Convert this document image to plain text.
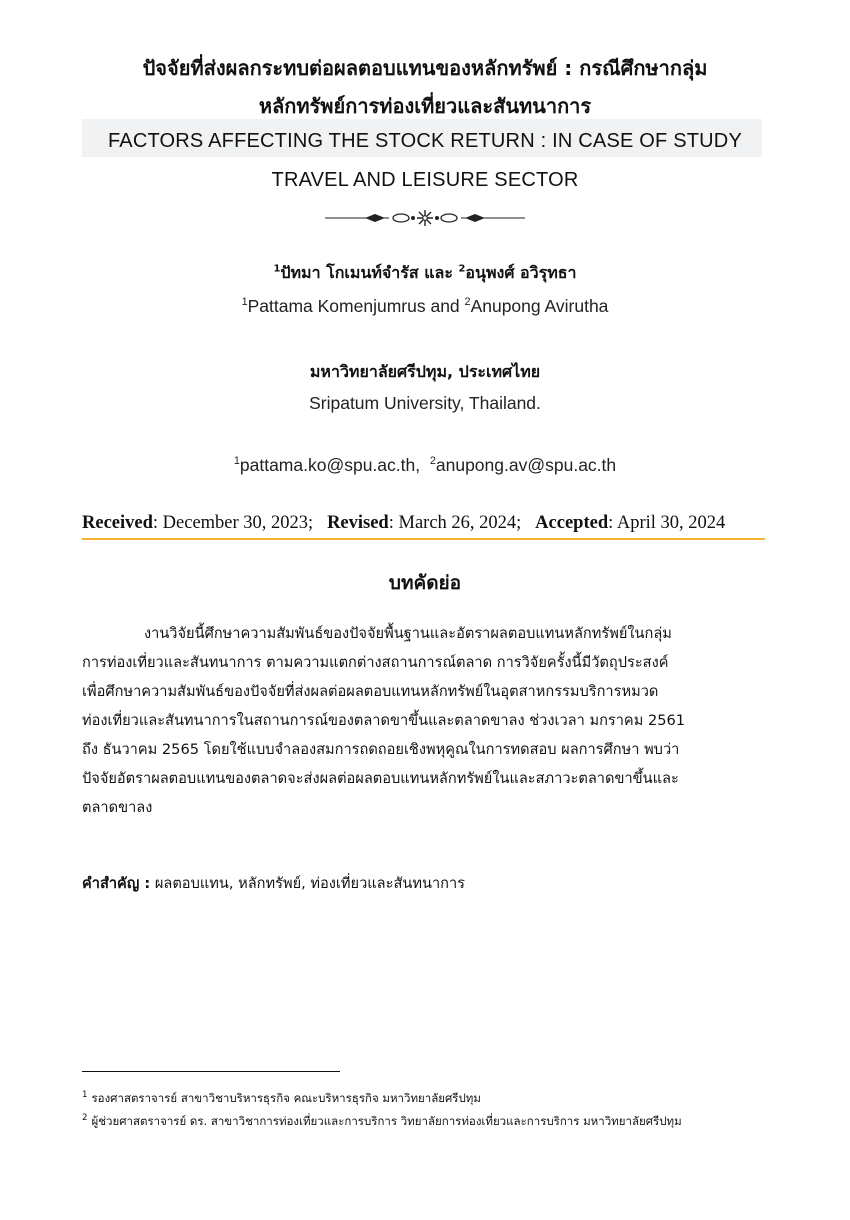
ปัจจัยที่ส่งผลกระทบต่อผลตอบแทนของหลักทรัพย์ : กรณีศึกษากลุ่ม
หลักทรัพย์การท่องเที่ยวและสันทนาการ
FACTORS AFFECTING THE STOCK RETURN : IN CASE OF STUDY
TRAVEL AND LEISURE SECTOR
$^1$ปัทมา โกเมนท์จำรัส และ $^2$อนุพงศ์ อวิรุทธา
$^1$Pattama Komenjumrus and $^2$Anupong Avirutha
มหาวิทยาลัยศรีปทุม, ประเทศไทย
Sripatum University, Thailand.
$^1$pattama.ko@spu.ac.th, $^2$anupong.av@spu.ac.th
Received: December 30, 2023; Revised: March 26, 2024; Accepted: April 30, 2024
บทคัดย่อ
งานวิจัยนี้ศึกษาความสัมพันธ์ของปัจจัยพื้นฐานและอัตราผลตอบแทนหลักทรัพย์ในกลุ่ม
การท่องเที่ยวและสันทนาการ ตามความแตกต่างสถานการณ์ตลาด การวิจัยครั้งนี้มีวัตถุประสงค์
เพื่อศึกษาความสัมพันธ์ของปัจจัยที่ส่งผลต่อผลตอบแทนหลักทรัพย์ในอุตสาหกรรมบริการหมวด
ท่องเที่ยวและสันทนาการในสถานการณ์ของตลาดขาขึ้นและตลาดขาลง ช่วงเวลา มกราคม 2561
ถึง ธันวาคม 2565 โดยใช้แบบจำลองสมการถดถอยเชิงพหุคูณในการทดสอบ ผลการศึกษา พบว่า
ปัจจัยอัตราผลตอบแทนของตลาดจะส่งผลต่อผลตอบแทนหลักทรัพย์ในและสภาวะตลาดขาขึ้นและ
ตลาดขาลง
คำสำคัญ : ผลตอบแทน, หลักทรัพย์, ท่องเที่ยวและสันทนาการ
$^1$ รองศาสตราจารย์ สาขาวิชาบริหารธุรกิจ คณะบริหารธุรกิจ มหาวิทยาลัยศรีปทุม
$^2$ ผู้ช่วยศาสตราจารย์ ดร. สาขาวิชาการท่องเที่ยวและการบริการ วิทยาลัยการท่องเที่ยวและการบริการ มหาวิทยาลัยศรีปทุม
